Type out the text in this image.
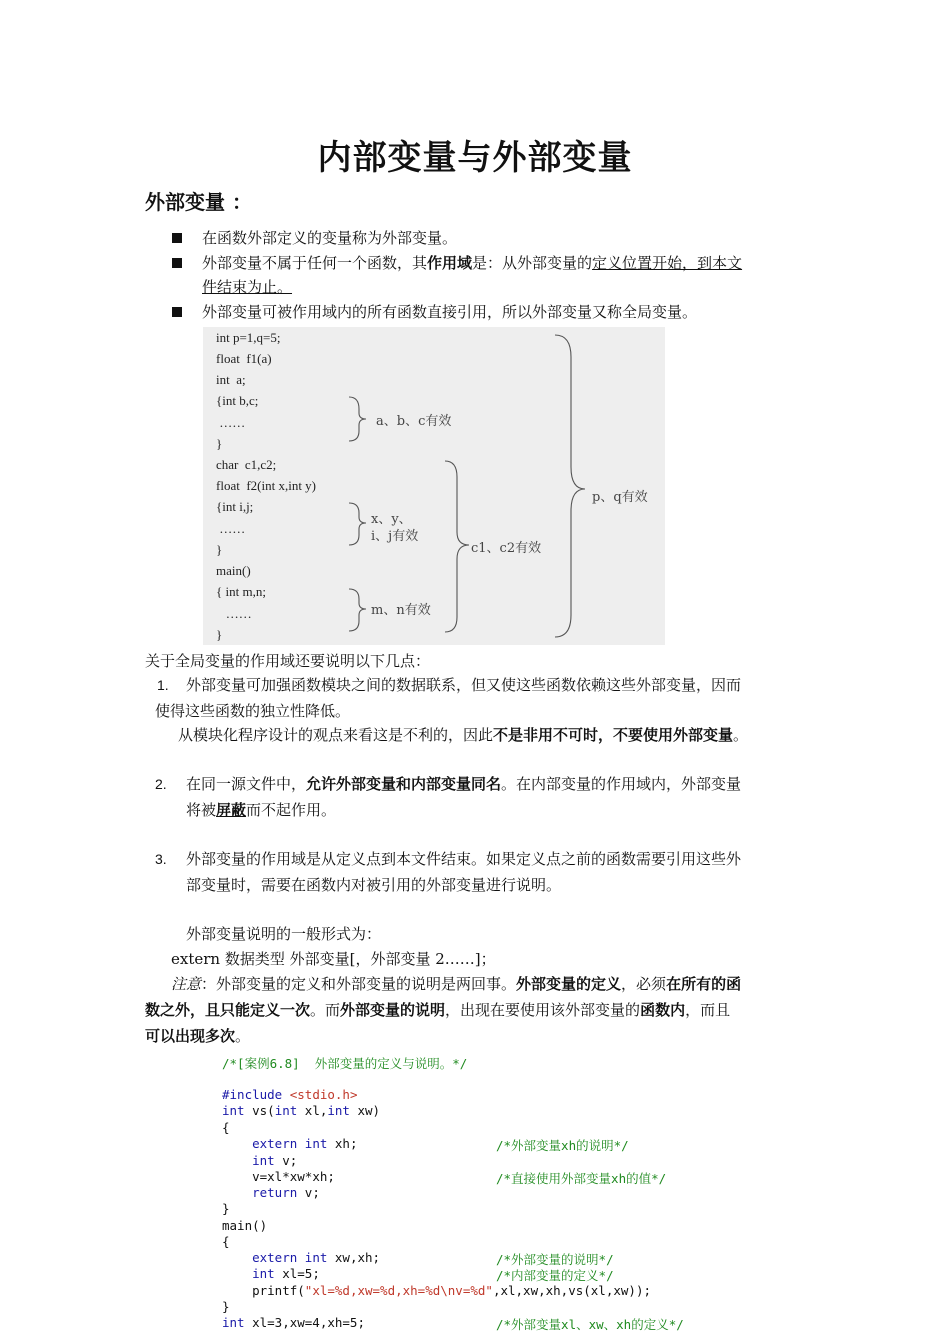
内部变量与外部变量
外部变量 ：
在函数外部定义的变量称为外部变量。
外部变量不属于任何一个函数，其作用域是：从外部变量的定义位置开始，到本文
件结束为止。
外部变量可被作用域内的所有函数直接引用，所以外部变量又称全局变量。
int p=1,q=5;
float  f1(a)
int  a;
{int b,c;
……
}
char  c1,c2;
float  f2(int x,int y)
{int i,j;
……
}
main()
{ int m,n;
……
}
a、b、c有效
x、y、
i、j有效
m、n有效
c1、c2有效
p、q有效
关于全局变量的作用域还要说明以下几点：
1. 外部变量可加强函数模块之间的数据联系，但又使这些函数依赖这些外部变量，因而
使得这些函数的独立性降低。
从模块化程序设计的观点来看这是不利的，因此不是非用不可时，不要使用外部变量。
2. 在同一源文件中，允许外部变量和内部变量同名。在内部变量的作用域内，外部变量
将被屏蔽而不起作用。
3. 外部变量的作用域是从定义点到本文件结束。如果定义点之前的函数需要引用这些外
部变量时，需要在函数内对被引用的外部变量进行说明。
外部变量说明的一般形式为：
extern 数据类型 外部变量[，外部变量 2……]；
注意：外部变量的定义和外部变量的说明是两回事。外部变量的定义，必须在所有的函
数之外，且只能定义一次。而外部变量的说明，出现在要使用该外部变量的函数内，而且
可以出现多次。
/*[案例6.8]  外部变量的定义与说明。*/
#include <stdio.h>
int vs(int xl,int xw)
{
extern int xh;	/*外部变量xh的说明*/
int v;
v=xl*xw*xh;	/*直接使用外部变量xh的值*/
return v;
}
main()
{
extern int xw,xh;	/*外部变量的说明*/
int xl=5;	/*内部变量的定义*/
printf("xl=%d,xw=%d,xh=%d\nv=%d",xl,xw,xh,vs(xl,xw));
}
int xl=3,xw=4,xh=5;	/*外部变量xl、xw、xh的定义*/
